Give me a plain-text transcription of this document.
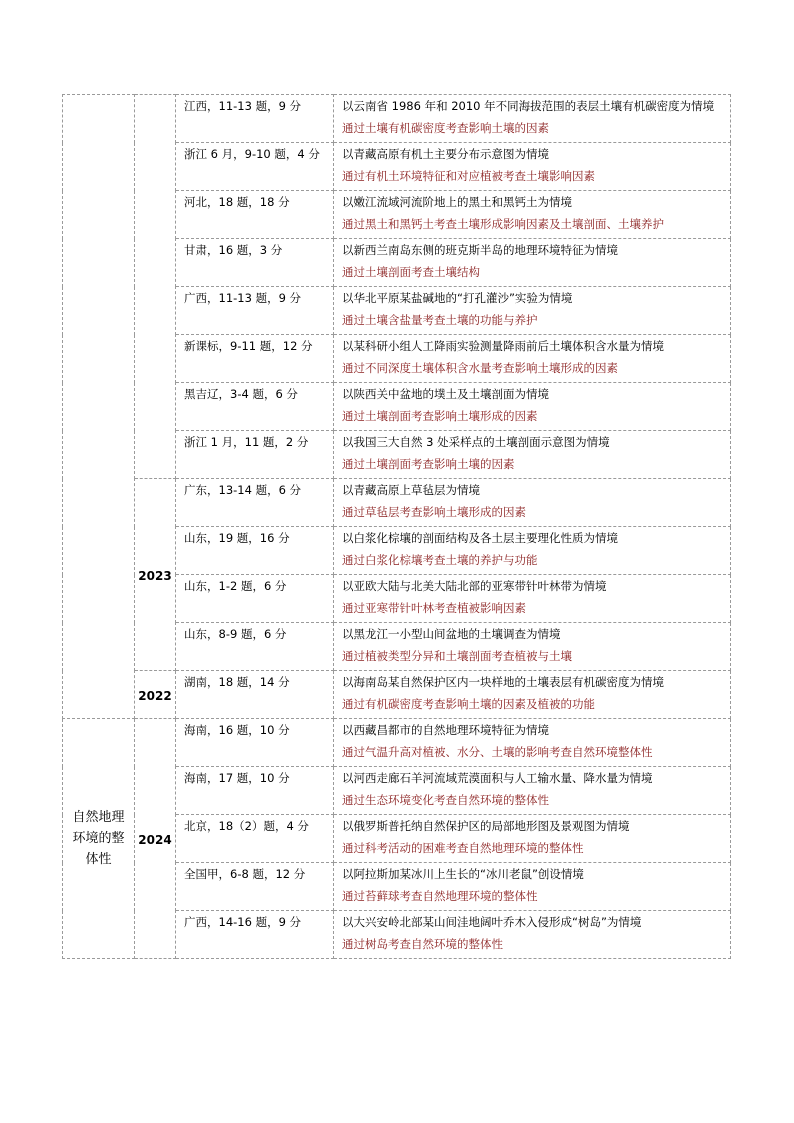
		江西，11-13 题，9 分	以云南省 1986 年和 2010 年不同海拔范围的表层土壤有机碳密度为情境
通过土壤有机碳密度考查影响土壤的因素

		浙江 6 月，9-10 题，4 分	以青藏高原有机土主要分布示意图为情境
通过有机土环境特征和对应植被考查土壤影响因素

		河北，18 题，18 分	以嫩江流域河流阶地上的黑土和黑钙土为情境
通过黑土和黑钙土考查土壤形成影响因素及土壤剖面、土壤养护

		甘肃，16 题，3 分	以新西兰南岛东侧的班克斯半岛的地理环境特征为情境
通过土壤剖面考查土壤结构

		广西，11-13 题，9 分	以华北平原某盐碱地的“打孔灌沙”实验为情境
通过土壤含盐量考查土壤的功能与养护

		新课标，9-11 题，12 分	以某科研小组人工降雨实验测量降雨前后土壤体积含水量为情境
通过不同深度土壤体积含水量考查影响土壤形成的因素

		黑吉辽，3-4 题，6 分	以陕西关中盆地的墣土及土壤剖面为情境
通过土壤剖面考查影响土壤形成的因素

		浙江 1 月，11 题，2 分	以我国三大自然 3 处采样点的土壤剖面示意图为情境
通过土壤剖面考查影响土壤的因素

	2023	广东，13-14 题，6 分	以青藏高原上草毡层为情境
通过草毡层考查影响土壤形成的因素

		山东，19 题，16 分	以白浆化棕壤的剖面结构及各土层主要理化性质为情境
通过白浆化棕壤考查土壤的养护与功能

		山东，1-2 题，6 分	以亚欧大陆与北美大陆北部的亚寒带针叶林带为情境
通过亚寒带针叶林考查植被影响因素

		山东，8-9 题，6 分	以黑龙江一小型山间盆地的土壤调查为情境
通过植被类型分异和土壤剖面考查植被与土壤

	2022	湖南，18 题，14 分	以海南岛某自然保护区内一块样地的土壤表层有机碳密度为情境
通过有机碳密度考查影响土壤的因素及植被的功能

自然地理环境的整体性	2024	海南，16 题，10 分	以西藏昌都市的自然地理环境特征为情境
通过气温升高对植被、水分、土壤的影响考查自然环境整体性

		海南，17 题，10 分	以河西走廊石羊河流域荒漠面积与人工输水量、降水量为情境
通过生态环境变化考查自然环境的整体性

		北京，18（2）题，4 分	以俄罗斯普托纳自然保护区的局部地形图及景观图为情境
通过科考活动的困难考查自然地理环境的整体性

		全国甲，6-8 题，12 分	以阿拉斯加某冰川上生长的“冰川老鼠”创设情境
通过苔藓球考查自然地理环境的整体性

		广西，14-16 题，9 分	以大兴安岭北部某山间洼地阔叶乔木入侵形成“树岛”为情境
通过树岛考查自然环境的整体性
